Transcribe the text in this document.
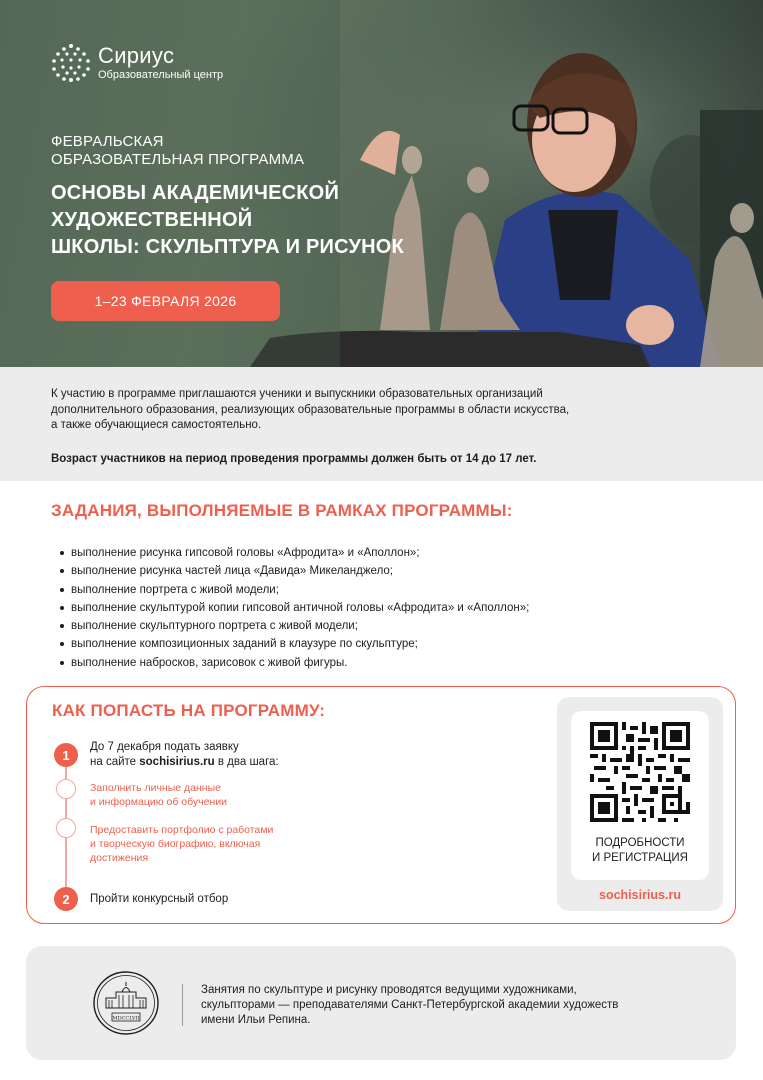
Сириус
Образовательный центр
ФЕВРАЛЬСКАЯ
ОБРАЗОВАТЕЛЬНАЯ ПРОГРАММА
ОСНОВЫ АКАДЕМИЧЕСКОЙ
ХУДОЖЕСТВЕННОЙ
ШКОЛЫ: СКУЛЬПТУРА И РИСУНОК
1–23 ФЕВРАЛЯ 2026

К участию в программе приглашаются ученики и выпускники образовательных организаций
дополнительного образования, реализующих образовательные программы в области искусства,
а также обучающиеся самостоятельно.

Возраст участников на период проведения программы должен быть от 14 до 17 лет.

ЗАДАНИЯ, ВЫПОЛНЯЕМЫЕ В РАМКАХ ПРОГРАММЫ:
выполнение рисунка гипсовой головы «Афродита» и «Аполлон»;
выполнение рисунка частей лица «Давида» Микеланджело;
выполнение портрета с живой модели;
выполнение скульптурой копии гипсовой античной головы «Афродита» и «Аполлон»;
выполнение скульптурного портрета с живой модели;
выполнение композиционных заданий в клаузуре по скульптуре;
выполнение набросков, зарисовок с живой фигуры.
КАК ПОПАСТЬ НА ПРОГРАММУ:
1
До 7 декабря подать заявку
на сайте sochisirius.ru в два шага:
Заполнить личные данные
и информацию об обучении
Предоставить портфолио с работами
и творческую биографию, включая
достижения
2	Пройти конкурсный отбор
ПОДРОБНОСТИ
И РЕГИСТРАЦИЯ
sochisirius.ru
MDCCLVII
Занятия по скульптуре и рисунку проводятся ведущими художниками,
скульпторами — преподавателями Санкт-Петербургской академии художеств
имени Ильи Репина.
